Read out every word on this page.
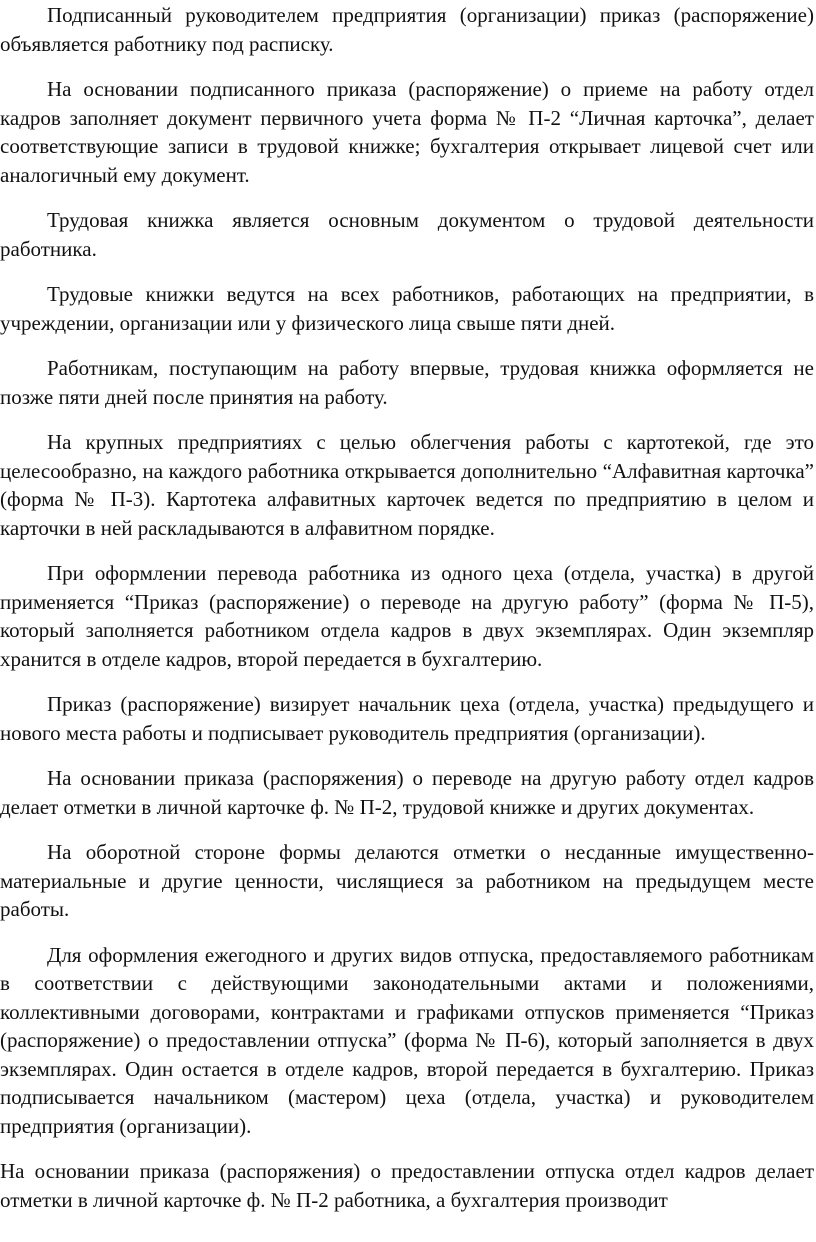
Подписанный руководителем предприятия (организации) приказ (распоряжение) объявляется работнику под расписку.

На основании подписанного приказа (распоряжение) о приеме на работу отдел кадров заполняет документ первичного учета форма № П-2 “Личная карточка”, делает соответствующие записи в трудовой книжке; бухгалтерия открывает лицевой счет или аналогичный ему документ.

Трудовая книжка является основным документом о трудовой деятельности работника.

Трудовые книжки ведутся на всех работников, работающих на предприятии, в учреждении, организации или у физического лица свыше пяти дней.

Работникам, поступающим на работу впервые, трудовая книжка оформляется не позже пяти дней после принятия на работу.

На крупных предприятиях с целью облегчения работы с картотекой, где это целесообразно, на каждого работника открывается дополнительно “Алфавитная карточка” (форма № П-3). Картотека алфавитных карточек ведется по предприятию в целом и карточки в ней раскладываются в алфавитном порядке.

При оформлении перевода работника из одного цеха (отдела, участка) в другой применяется “Приказ (распоряжение) о переводе на другую работу” (форма № П-5), который заполняется работником отдела кадров в двух экземплярах. Один экземпляр хранится в отделе кадров, второй передается в бухгалтерию.

Приказ (распоряжение) визирует начальник цеха (отдела, участка) предыдущего и нового места работы и подписывает руководитель предприятия (организации).

На основании приказа (распоряжения) о переводе на другую работу отдел кадров делает отметки в личной карточке ф. № П-2, трудовой книжке и других документах.

На оборотной стороне формы делаются отметки о несданные имущественно-материальные и другие ценности, числящиеся за работником на предыдущем месте работы.

Для оформления ежегодного и других видов отпуска, предоставляемого работникам в соответствии с действующими законодательными актами и положениями, коллективными договорами, контрактами и графиками отпусков применяется “Приказ (распоряжение) о предоставлении отпуска” (форма № П-6), который заполняется в двух экземплярах. Один остается в отделе кадров, второй передается в бухгалтерию. Приказ подписывается начальником (мастером) цеха (отдела, участка) и руководителем предприятия (организации).

На основании приказа (распоряжения) о предоставлении отпуска отдел кадров делает отметки в личной карточке ф. № П-2 работника, а бухгалтерия производит
